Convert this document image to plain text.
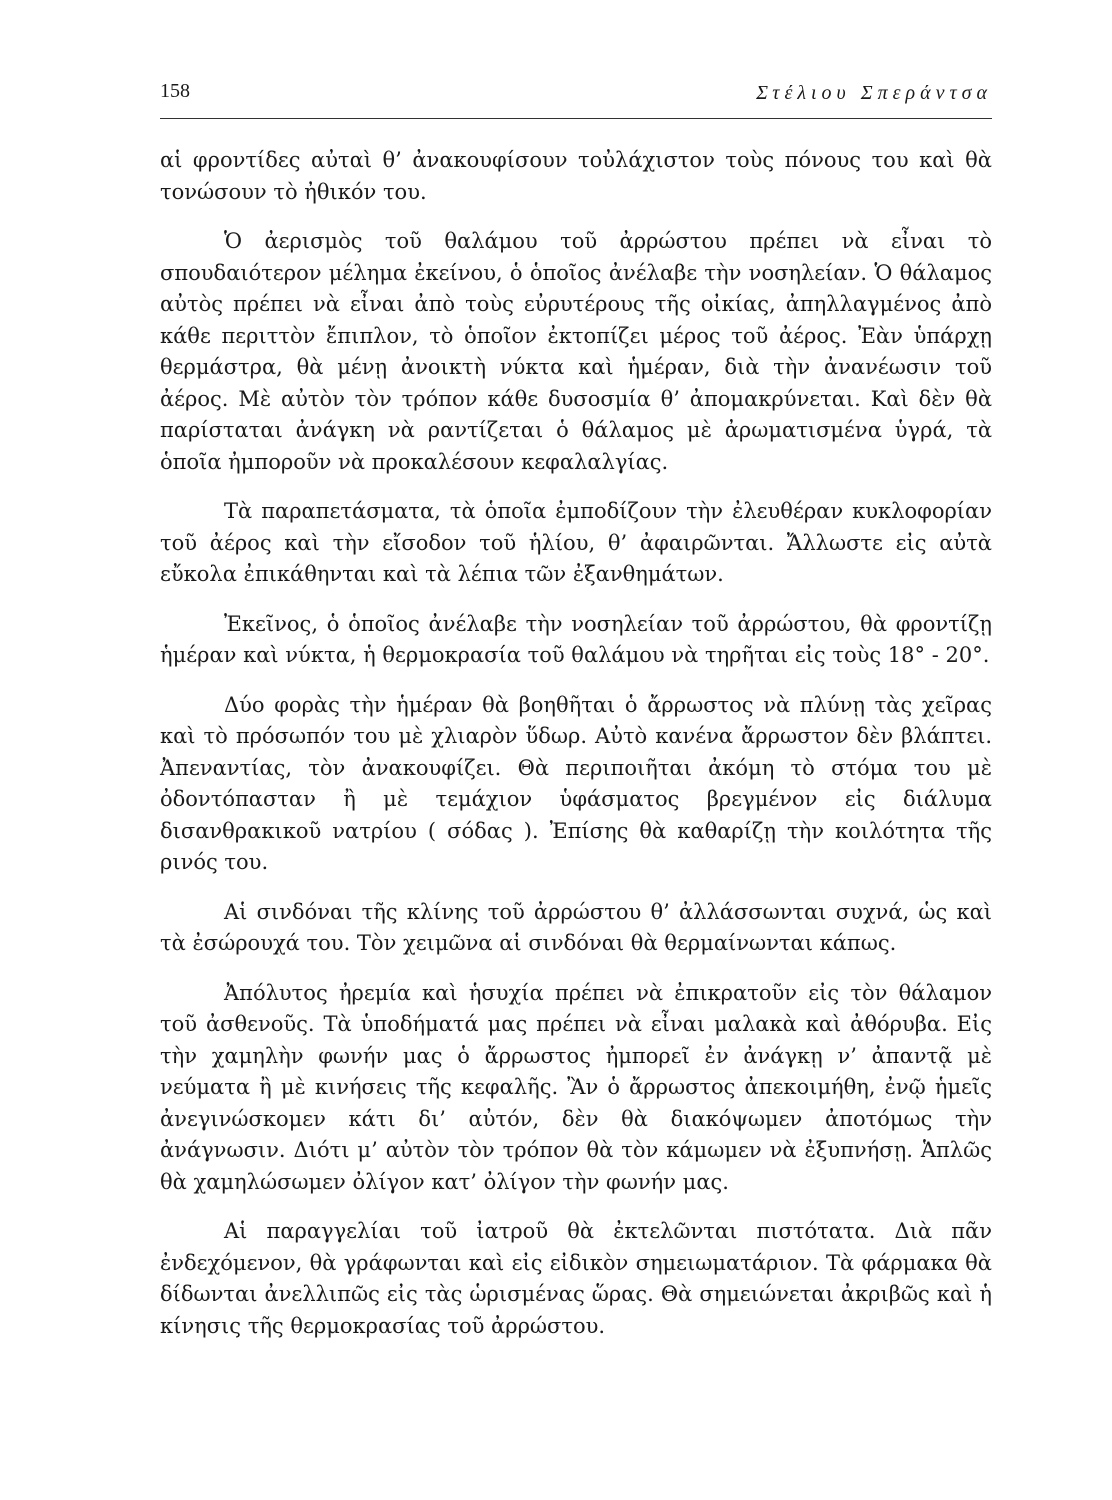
158	Στέλιου Σπεράντσα

αἱ φροντίδες αὐταὶ θ’ ἀνακουφίσουν τοὐλάχιστον τοὺς πόνους του καὶ θὰ τονώσουν τὸ ἠθικόν του.

Ὁ ἀερισμὸς τοῦ θαλάμου τοῦ ἀρρώστου πρέπει νὰ εἶναι τὸ σπουδαιότερον μέλημα ἐκείνου, ὁ ὁποῖος ἀνέλαβε τὴν νοσηλείαν. Ὁ θάλαμος αὐτὸς πρέπει νὰ εἶναι ἀπὸ τοὺς εὐρυτέρους τῆς οἰκίας, ἀπηλλαγμένος ἀπὸ κάθε περιττὸν ἔπιπλον, τὸ ὁποῖον ἐκτοπίζει μέρος τοῦ ἀέρος. Ἐὰν ὑπάρχῃ θερμάστρα, θὰ μένῃ ἀνοικτὴ νύκτα καὶ ἡμέραν, διὰ τὴν ἀνανέωσιν τοῦ ἀέρος. Μὲ αὐτὸν τὸν τρόπον κάθε δυσοσμία θ’ ἀπομακρύνεται. Καὶ δὲν θὰ παρίσταται ἀνάγκη νὰ ραντίζεται ὁ θάλαμος μὲ ἀρωματισμένα ὑγρά, τὰ ὁποῖα ἠμποροῦν νὰ προκαλέσουν κεφαλαλγίας.

Τὰ παραπετάσματα, τὰ ὁποῖα ἐμποδίζουν τὴν ἐλευθέραν κυκλοφορίαν τοῦ ἀέρος καὶ τὴν εἴσοδον τοῦ ἡλίου, θ’ ἀφαιρῶνται. Ἄλλωστε εἰς αὐτὰ εὔκολα ἐπικάθηνται καὶ τὰ λέπια τῶν ἐξανθημάτων.

Ἐκεῖνος, ὁ ὁποῖος ἀνέλαβε τὴν νοσηλείαν τοῦ ἀρρώστου, θὰ φροντίζῃ ἡμέραν καὶ νύκτα, ἡ θερμοκρασία τοῦ θαλάμου νὰ τηρῆται εἰς τοὺς 18° - 20°.

Δύο φορὰς τὴν ἡμέραν θὰ βοηθῆται ὁ ἄρρωστος νὰ πλύνῃ τὰς χεῖρας καὶ τὸ πρόσωπόν του μὲ χλιαρὸν ὕδωρ. Αὐτὸ κανένα ἄρρωστον δὲν βλάπτει. Ἀπεναντίας, τὸν ἀνακουφίζει. Θὰ περιποιῆται ἀκόμη τὸ στόμα του μὲ ὀδοντόπασταν ἢ μὲ τεμάχιον ὑφάσματος βρεγμένον εἰς διάλυμα δισανθρακικοῦ νατρίου ( σόδας ). Ἐπίσης θὰ καθαρίζῃ τὴν κοιλότητα τῆς ρινός του.

Αἱ σινδόναι τῆς κλίνης τοῦ ἀρρώστου θ’ ἀλλάσσωνται συχνά, ὡς καὶ τὰ ἐσώρουχά του. Τὸν χειμῶνα αἱ σινδόναι θὰ θερμαίνωνται κάπως.

Ἀπόλυτος ἠρεμία καὶ ἡσυχία πρέπει νὰ ἐπικρατοῦν εἰς τὸν θάλαμον τοῦ ἀσθενοῦς. Τὰ ὑποδήματά μας πρέπει νὰ εἶναι μαλακὰ καὶ ἀθόρυβα. Εἰς τὴν χαμηλὴν φωνήν μας ὁ ἄρρωστος ἠμπορεῖ ἐν ἀνάγκῃ ν’ ἀπαντᾷ μὲ νεύματα ἢ μὲ κινήσεις τῆς κεφαλῆς. Ἂν ὁ ἄρρωστος ἀπεκοιμήθη, ἐνῷ ἡμεῖς ἀνεγινώσκομεν κάτι δι’ αὐτόν, δὲν θὰ διακόψωμεν ἀποτόμως τὴν ἀνάγνωσιν. Διότι μ’ αὐτὸν τὸν τρόπον θὰ τὸν κάμωμεν νὰ ἐξυπνήσῃ. Ἁπλῶς θὰ χαμηλώσωμεν ὀλίγον κατ’ ὀλίγον τὴν φωνήν μας.

Αἱ παραγγελίαι τοῦ ἰατροῦ θὰ ἐκτελῶνται πιστότατα. Διὰ πᾶν ἐνδεχόμενον, θὰ γράφωνται καὶ εἰς εἰδικὸν σημειωματάριον. Τὰ φάρμακα θὰ δίδωνται ἀνελλιπῶς εἰς τὰς ὡρισμένας ὥρας. Θὰ σημειώνεται ἀκριβῶς καὶ ἡ κίνησις τῆς θερμοκρασίας τοῦ ἀρρώστου.
